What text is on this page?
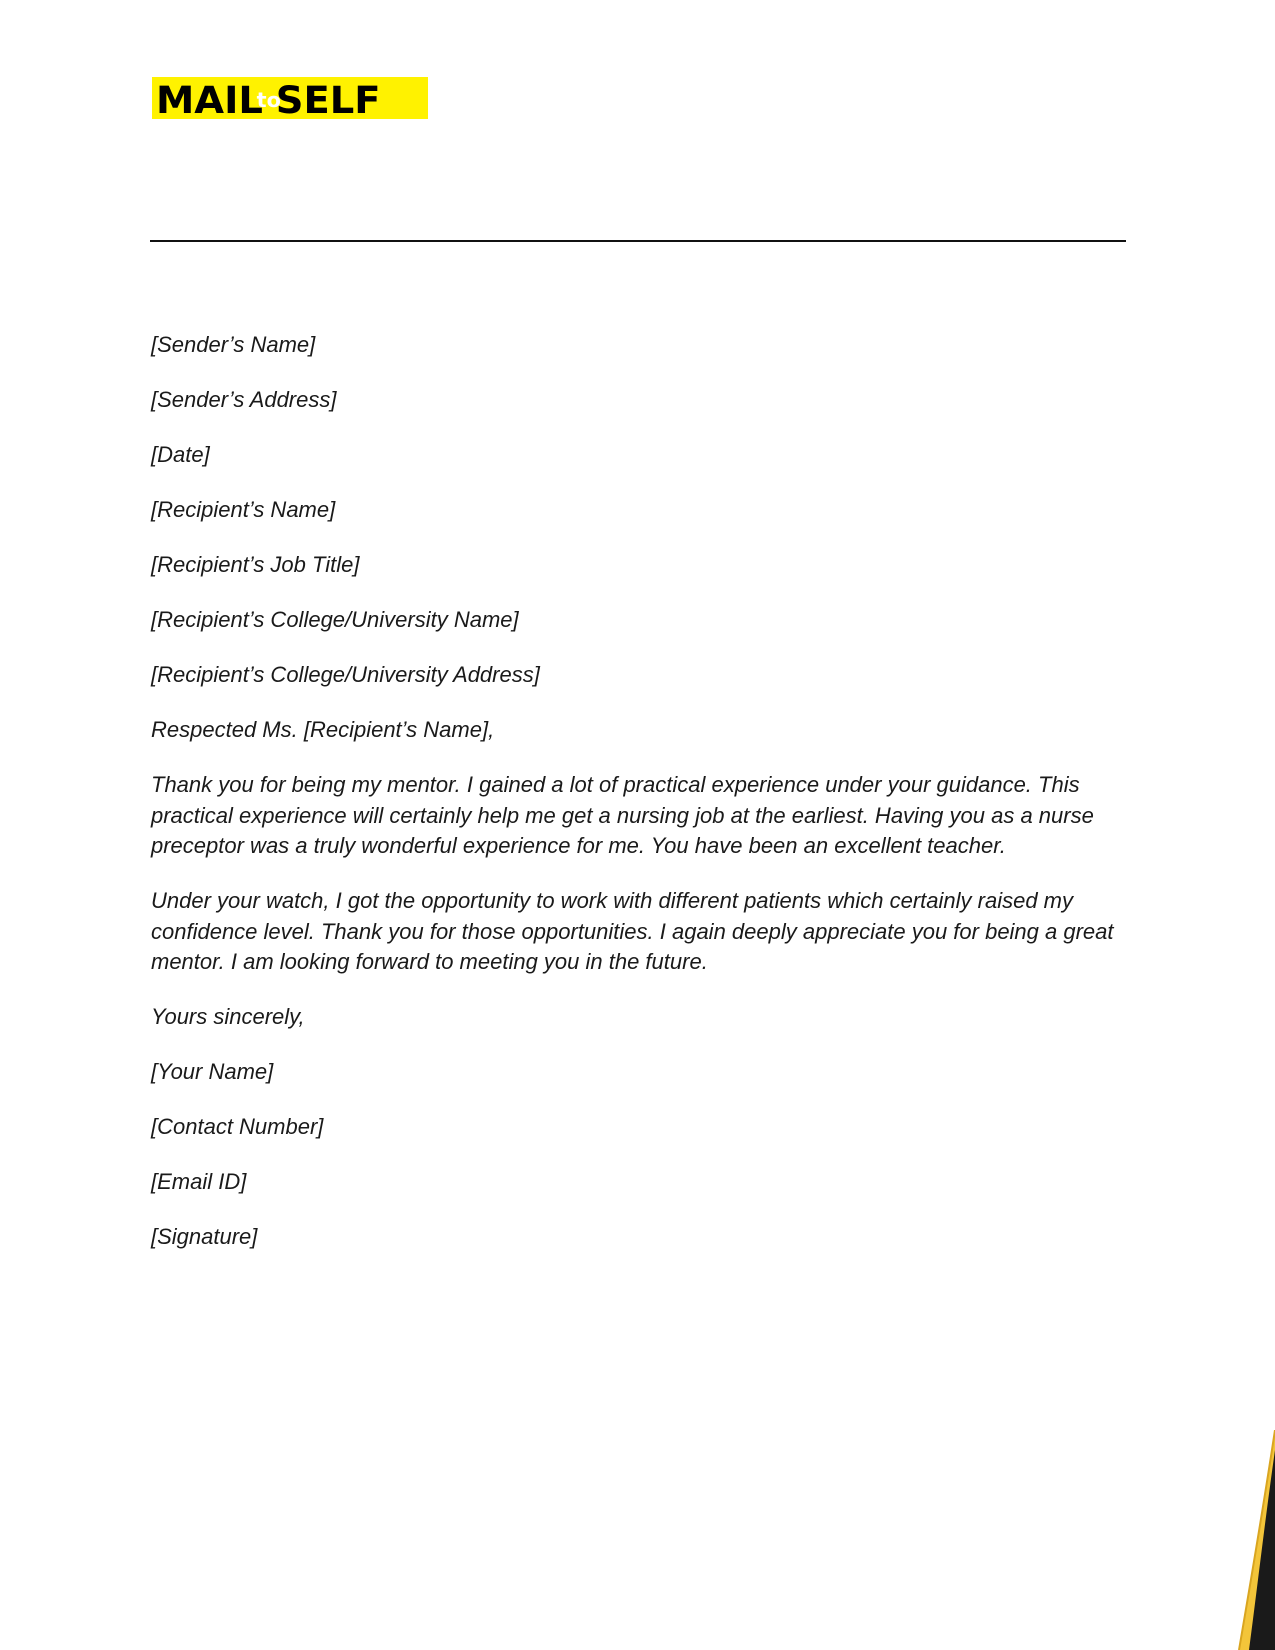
MAILtoSELF

[Sender’s Name]

[Sender’s Address]

[Date]

[Recipient’s Name]

[Recipient’s Job Title]

[Recipient’s College/University Name]

[Recipient’s College/University Address]

Respected Ms. [Recipient’s Name],

Thank you for being my mentor. I gained a lot of practical experience under your guidance. This practical experience will certainly help me get a nursing job at the earliest. Having you as a nurse preceptor was a truly wonderful experience for me. You have been an excellent teacher.

Under your watch, I got the opportunity to work with different patients which certainly raised my confidence level. Thank you for those opportunities. I again deeply appreciate you for being a great mentor. I am looking forward to meeting you in the future.

Yours sincerely,

[Your Name]

[Contact Number]

[Email ID]

[Signature]
